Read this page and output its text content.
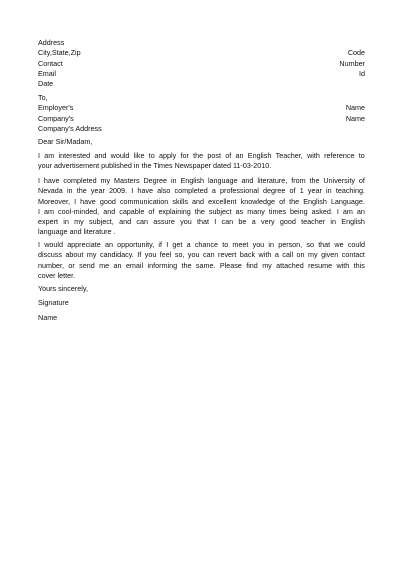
Address
City,State,Zip	Code
Contact	Number
Email	Id
Date
To,
Employer's	Name
Company's	Name
Company's Address
Dear Sir/Madam,
I am interested and would like to apply for the post of an English Teacher, with reference to
your advertisement published in the Times Newspaper dated 11-03-2010.
I have completed my Masters Degree in English language and literature, from the University of
Nevada in the year 2009. I have also completed a professional degree of 1 year in teaching.
Moreover, I have good communication skills and excellent knowledge of the English Language.
I am cool-minded, and capable of explaining the subject as many times being asked. I am an
expert in my subject, and can assure you that I can be a very good teacher in English
language and literature .
I would appreciate an opportunity, if I get a chance to meet you in person, so that we could
discuss about my candidacy. If you feel so, you can revert back with a call on my given contact
number, or send me an email informing the same. Please find my attached resume with this
cover letter.
Yours sincerely,
Signature
Name
